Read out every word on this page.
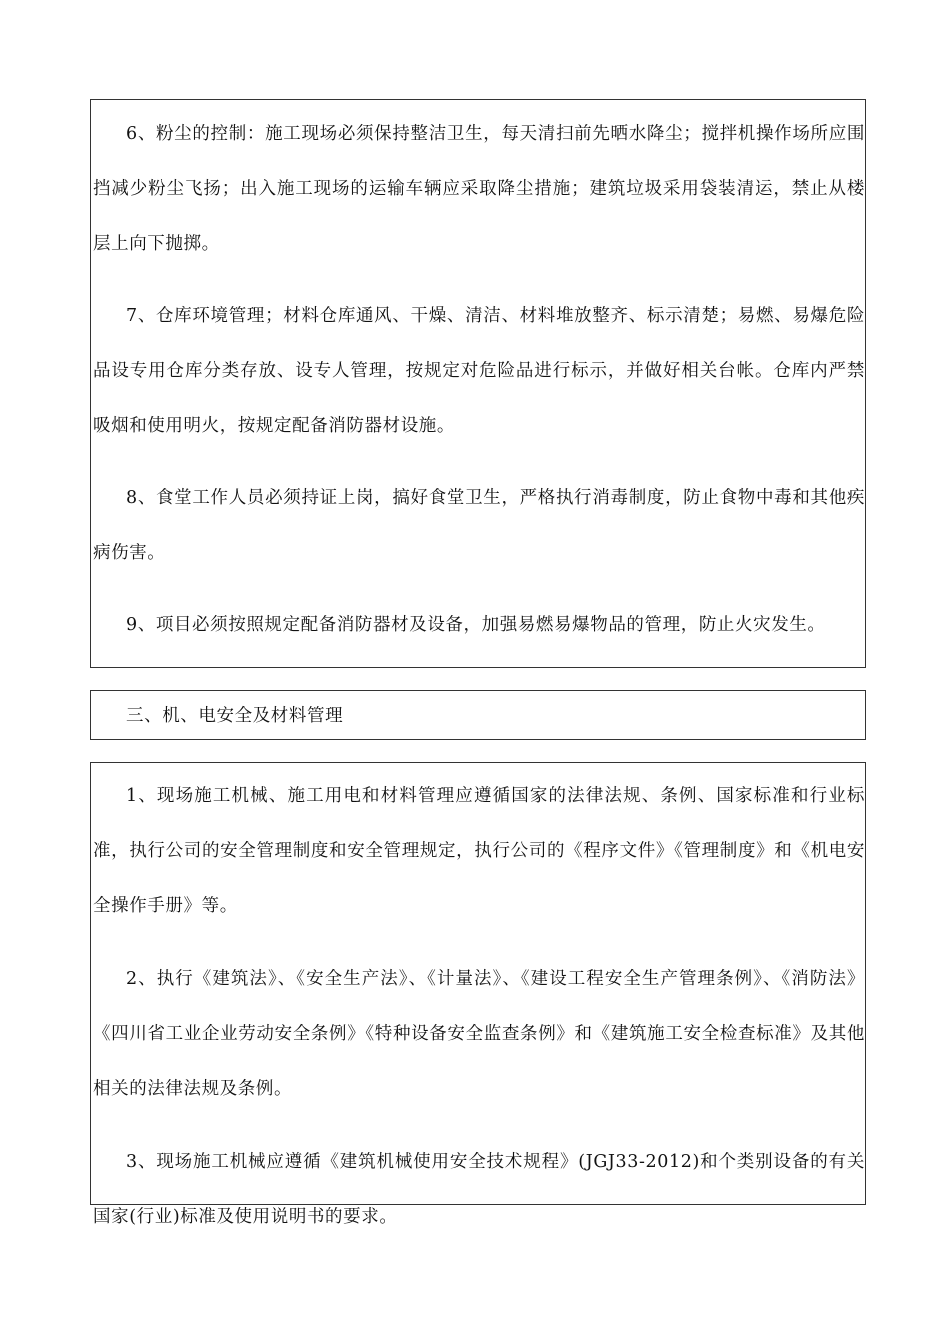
6、粉尘的控制：施工现场必须保持整洁卫生，每天清扫前先晒水降尘；搅拌机操作场所应围挡减少粉尘飞扬；出入施工现场的运输车辆应采取降尘措施；建筑垃圾采用袋装清运，禁止从楼层上向下抛掷。

7、仓库环境管理；材料仓库通风、干燥、清洁、材料堆放整齐、标示清楚；易燃、易爆危险品设专用仓库分类存放、设专人管理，按规定对危险品进行标示，并做好相关台帐。仓库内严禁吸烟和使用明火，按规定配备消防器材设施。

8、食堂工作人员必须持证上岗，搞好食堂卫生，严格执行消毒制度，防止食物中毒和其他疾病伤害。

9、项目必须按照规定配备消防器材及设备，加强易燃易爆物品的管理，防止火灾发生。

三、机、电安全及材料管理

1、现场施工机械、施工用电和材料管理应遵循国家的法律法规、条例、国家标准和行业标准，执行公司的安全管理制度和安全管理规定，执行公司的《程序文件》《管理制度》和《机电安全操作手册》等。

2、执行《建筑法》、《安全生产法》、《计量法》、《建设工程安全生产管理条例》、《消防法》《四川省工业企业劳动安全条例》《特种设备安全监查条例》和《建筑施工安全检查标准》及其他相关的法律法规及条例。

3、现场施工机械应遵循《建筑机械使用安全技术规程》(JGJ33-2012)和个类别设备的有关国家(行业)标准及使用说明书的要求。
